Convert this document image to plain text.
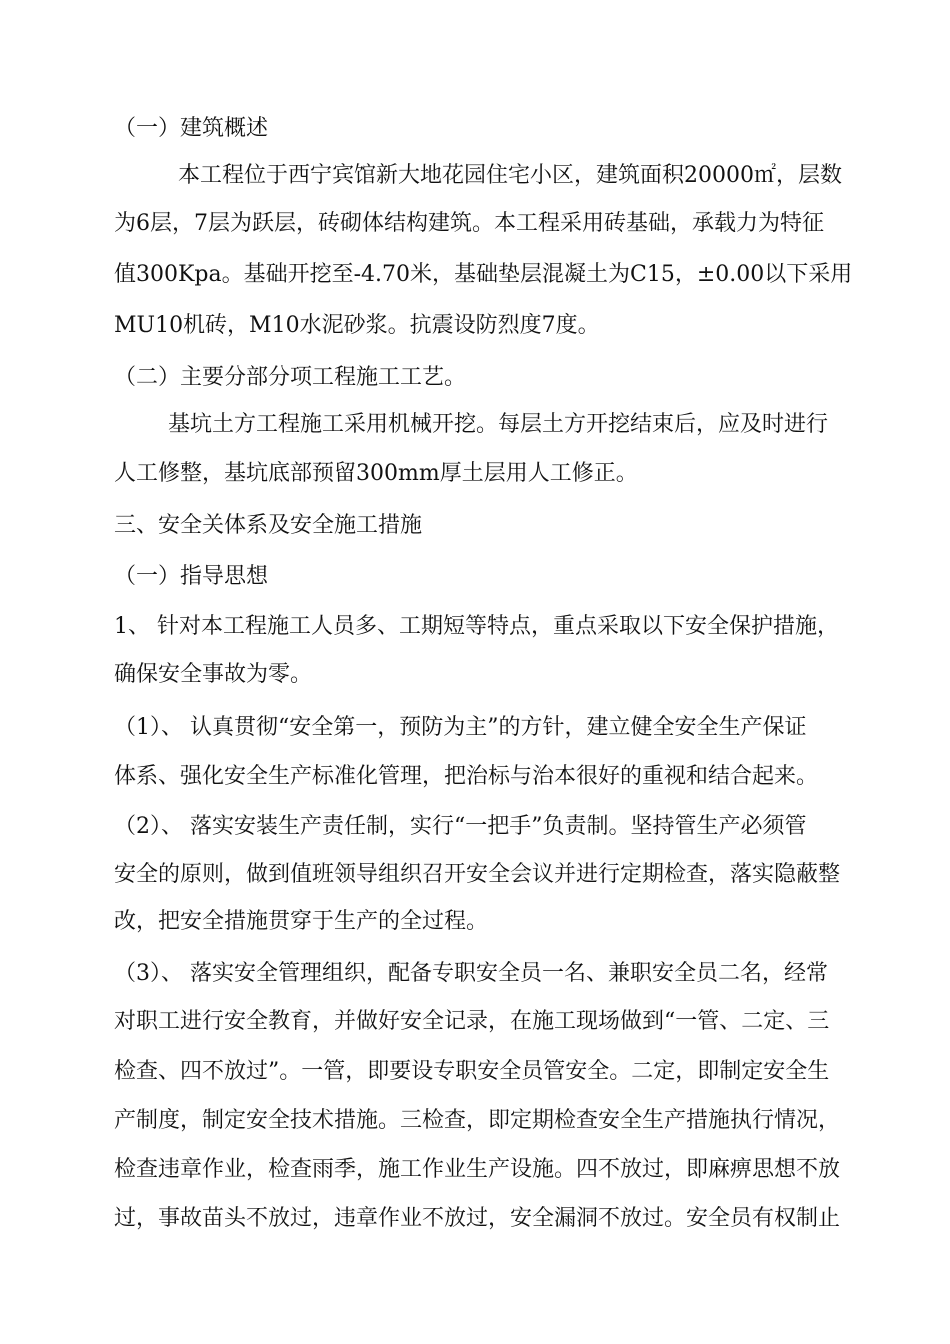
（一）建筑概述
本工程位于西宁宾馆新大地花园住宅小区，建筑面积20000㎡，层数
为6层，7层为跃层，砖砌体结构建筑。本工程采用砖基础，承载力为特征
值300Kpa。基础开挖至-4.70米，基础垫层混凝土为C15，±0.00以下采用
MU10机砖，M10水泥砂浆。抗震设防烈度7度。
（二）主要分部分项工程施工工艺。
基坑土方工程施工采用机械开挖。每层土方开挖结束后，应及时进行
人工修整，基坑底部预留300mm厚土层用人工修正。
三、安全关体系及安全施工措施
（一）指导思想
1、 针对本工程施工人员多、工期短等特点，重点采取以下安全保护措施，
确保安全事故为零。
（1）、 认真贯彻“安全第一，预防为主”的方针，建立健全安全生产保证
体系、强化安全生产标准化管理，把治标与治本很好的重视和结合起来。
（2）、 落实安装生产责任制，实行“一把手”负责制。坚持管生产必须管
安全的原则，做到值班领导组织召开安全会议并进行定期检查，落实隐蔽整
改，把安全措施贯穿于生产的全过程。
（3）、 落实安全管理组织，配备专职安全员一名、兼职安全员二名，经常
对职工进行安全教育，并做好安全记录，在施工现场做到“一管、二定、三
检查、四不放过”。一管，即要设专职安全员管安全。二定，即制定安全生
产制度，制定安全技术措施。三检查，即定期检查安全生产措施执行情况，
检查违章作业，检查雨季，施工作业生产设施。四不放过，即麻痹思想不放
过，事故苗头不放过，违章作业不放过，安全漏洞不放过。安全员有权制止
